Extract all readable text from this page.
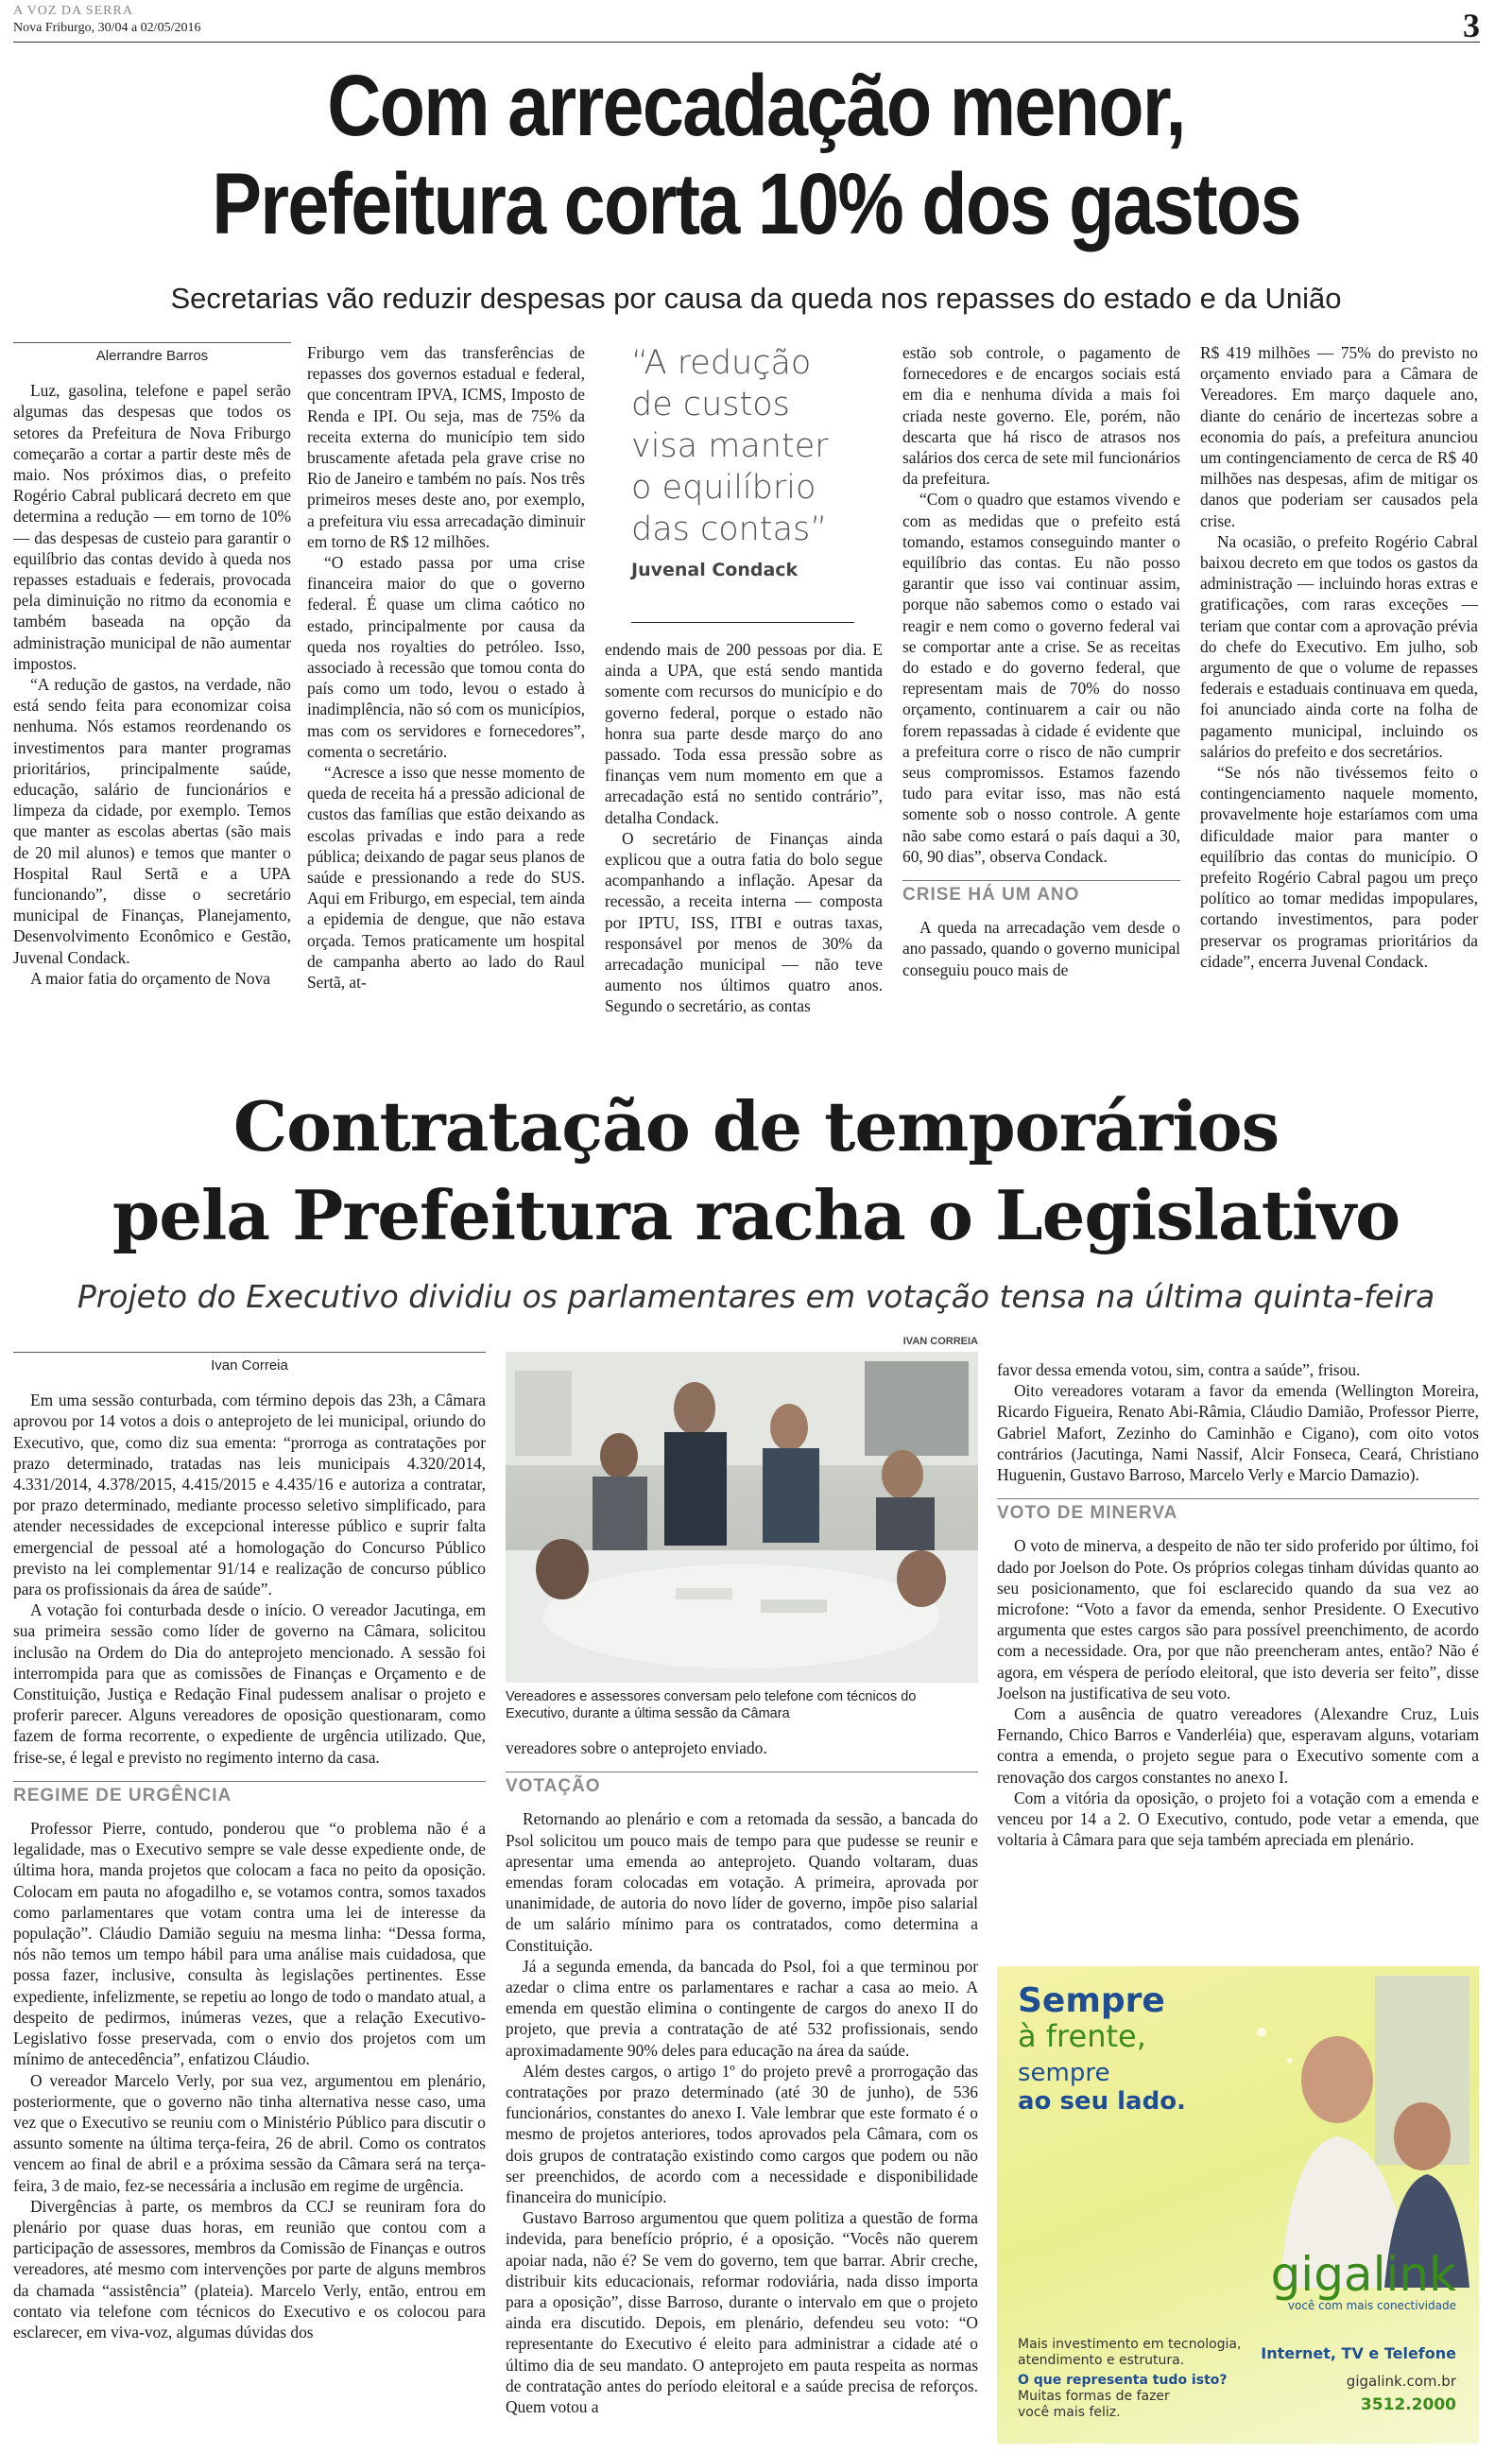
A VOZ DA SERRA
Nova Friburgo, 30/04 a 02/05/2016	3
Com arrecadação menor,
Prefeitura corta 10% dos gastos
Secretarias vão reduzir despesas por causa da queda nos repasses do estado e da União
Alerrandre Barros

Luz, gasolina, telefone e papel serão algumas das despesas que todos os setores da Prefeitura de Nova Friburgo começarão a cortar a partir deste mês de maio. Nos próximos dias, o prefeito Rogério Cabral publicará decreto em que determina a redução — em torno de 10% — das despesas de custeio para garantir o equilíbrio das contas devido à queda nos repasses estaduais e federais, provocada pela diminuição no ritmo da economia e também baseada na opção da administração municipal de não aumentar impostos.

“A redução de gastos, na verdade, não está sendo feita para economizar coisa nenhuma. Nós estamos reordenando os investimentos para manter programas prioritários, principalmente saúde, educação, salário de funcionários e limpeza da cidade, por exemplo. Temos que manter as escolas abertas (são mais de 20 mil alunos) e temos que manter o Hospital Raul Sertã e a UPA funcionando”, disse o secretário municipal de Finanças, Planejamento, Desenvolvimento Econômico e Gestão, Juvenal Condack.

A maior fatia do orçamento de Nova

Friburgo vem das transferências de repasses dos governos estadual e federal, que concentram IPVA, ICMS, Imposto de Renda e IPI. Ou seja, mas de 75% da receita externa do município tem sido bruscamente afetada pela grave crise no Rio de Janeiro e também no país. Nos três primeiros meses deste ano, por exemplo, a prefeitura viu essa arrecadação diminuir em torno de R$ 12 milhões.

“O estado passa por uma crise financeira maior do que o governo federal. É quase um clima caótico no estado, principalmente por causa da queda nos royalties do petróleo. Isso, associado à recessão que tomou conta do país como um todo, levou o estado à inadimplência, não só com os municípios, mas com os servidores e fornecedores”, comenta o secretário.

“Acresce a isso que nesse momento de queda de receita há a pressão adicional de custos das famílias que estão deixando as escolas privadas e indo para a rede pública; deixando de pagar seus planos de saúde e pressionando a rede do SUS. Aqui em Friburgo, em especial, tem ainda a epidemia de dengue, que não estava orçada. Temos praticamente um hospital de campanha aberto ao lado do Raul Sertã, at-

“A redução de custos visa manter o equilíbrio das contas”
Juvenal Condack

endendo mais de 200 pessoas por dia. E ainda a UPA, que está sendo mantida somente com recursos do município e do governo federal, porque o estado não honra sua parte desde março do ano passado. Toda essa pressão sobre as finanças vem num momento em que a arrecadação está no sentido contrário”, detalha Condack.

O secretário de Finanças ainda explicou que a outra fatia do bolo segue acompanhando a inflação. Apesar da recessão, a receita interna — composta por IPTU, ISS, ITBI e outras taxas, responsável por menos de 30% da arrecadação municipal — não teve aumento nos últimos quatro anos. Segundo o secretário, as contas

estão sob controle, o pagamento de fornecedores e de encargos sociais está em dia e nenhuma dívida a mais foi criada neste governo. Ele, porém, não descarta que há risco de atrasos nos salários dos cerca de sete mil funcionários da prefeitura.

“Com o quadro que estamos vivendo e com as medidas que o prefeito está tomando, estamos conseguindo manter o equilíbrio das contas. Eu não posso garantir que isso vai continuar assim, porque não sabemos como o estado vai reagir e nem como o governo federal vai se comportar ante a crise. Se as receitas do estado e do governo federal, que representam mais de 70% do nosso orçamento, continuarem a cair ou não forem repassadas à cidade é evidente que a prefeitura corre o risco de não cumprir seus compromissos. Estamos fazendo tudo para evitar isso, mas não está somente sob o nosso controle. A gente não sabe como estará o país daqui a 30, 60, 90 dias”, observa Condack.

CRISE HÁ UM ANO

A queda na arrecadação vem desde o ano passado, quando o governo municipal conseguiu pouco mais de

R$ 419 milhões — 75% do previsto no orçamento enviado para a Câmara de Vereadores. Em março daquele ano, diante do cenário de incertezas sobre a economia do país, a prefeitura anunciou um contingenciamento de cerca de R$ 40 milhões nas despesas, afim de mitigar os danos que poderiam ser causados pela crise.

Na ocasião, o prefeito Rogério Cabral baixou decreto em que todos os gastos da administração — incluindo horas extras e gratificações, com raras exceções — teriam que contar com a aprovação prévia do chefe do Executivo. Em julho, sob argumento de que o volume de repasses federais e estaduais continuava em queda, foi anunciado ainda corte na folha de pagamento municipal, incluindo os salários do prefeito e dos secretários.

“Se nós não tivéssemos feito o contingenciamento naquele momento, provavelmente hoje estaríamos com uma dificuldade maior para manter o equilíbrio das contas do município. O prefeito Rogério Cabral pagou um preço político ao tomar medidas impopulares, cortando investimentos, para poder preservar os programas prioritários da cidade”, encerra Juvenal Condack.

Contratação de temporários
pela Prefeitura racha o Legislativo
Projeto do Executivo dividiu os parlamentares em votação tensa na última quinta-feira
Ivan Correia

Em uma sessão conturbada, com término depois das 23h, a Câmara aprovou por 14 votos a dois o anteprojeto de lei municipal, oriundo do Executivo, que, como diz sua ementa: “prorroga as contratações por prazo determinado, tratadas nas leis municipais 4.320/2014, 4.331/2014, 4.378/2015, 4.415/2015 e 4.435/16 e autoriza a contratar, por prazo determinado, mediante processo seletivo simplificado, para atender necessidades de excepcional interesse público e suprir falta emergencial de pessoal até a homologação do Concurso Público previsto na lei complementar 91/14 e realização de concurso público para os profissionais da área de saúde”.

A votação foi conturbada desde o início. O vereador Jacutinga, em sua primeira sessão como líder de governo na Câmara, solicitou inclusão na Ordem do Dia do anteprojeto mencionado. A sessão foi interrompida para que as comissões de Finanças e Orçamento e de Constituição, Justiça e Redação Final pudessem analisar o projeto e proferir parecer. Alguns vereadores de oposição questionaram, como fazem de forma recorrente, o expediente de urgência utilizado. Que, frise-se, é legal e previsto no regimento interno da casa.

REGIME DE URGÊNCIA

Professor Pierre, contudo, ponderou que “o problema não é a legalidade, mas o Executivo sempre se vale desse expediente onde, de última hora, manda projetos que colocam a faca no peito da oposição. Colocam em pauta no afogadilho e, se votamos contra, somos taxados como parlamentares que votam contra uma lei de interesse da população”. Cláudio Damião seguiu na mesma linha: “Dessa forma, nós não temos um tempo hábil para uma análise mais cuidadosa, que possa fazer, inclusive, consulta às legislações pertinentes. Esse expediente, infelizmente, se repetiu ao longo de todo o mandato atual, a despeito de pedirmos, inúmeras vezes, que a relação Executivo-Legislativo fosse preservada, com o envio dos projetos com um mínimo de antecedência”, enfatizou Cláudio.

O vereador Marcelo Verly, por sua vez, argumentou em plenário, posteriormente, que o governo não tinha alternativa nesse caso, uma vez que o Executivo se reuniu com o Ministério Público para discutir o assunto somente na última terça-feira, 26 de abril. Como os contratos vencem ao final de abril e a próxima sessão da Câmara será na terça-feira, 3 de maio, fez-se necessária a inclusão em regime de urgência.

Divergências à parte, os membros da CCJ se reuniram fora do plenário por quase duas horas, em reunião que contou com a participação de assessores, membros da Comissão de Finanças e outros vereadores, até mesmo com intervenções por parte de alguns membros da chamada “assistência” (plateia). Marcelo Verly, então, entrou em contato via telefone com técnicos do Executivo e os colocou para esclarecer, em viva-voz, algumas dúvidas dos

IVAN CORREIA
Vereadores e assessores conversam pelo telefone com técnicos do Executivo, durante a última sessão da Câmara

vereadores sobre o anteprojeto enviado.

VOTAÇÃO

Retornando ao plenário e com a retomada da sessão, a bancada do Psol solicitou um pouco mais de tempo para que pudesse se reunir e apresentar uma emenda ao anteprojeto. Quando voltaram, duas emendas foram colocadas em votação. A primeira, aprovada por unanimidade, de autoria do novo líder de governo, impõe piso salarial de um salário mínimo para os contratados, como determina a Constituição.

Já a segunda emenda, da bancada do Psol, foi a que terminou por azedar o clima entre os parlamentares e rachar a casa ao meio. A emenda em questão elimina o contingente de cargos do anexo II do projeto, que previa a contratação de até 532 profissionais, sendo aproximadamente 90% deles para educação na área da saúde.

Além destes cargos, o artigo 1º do projeto prevê a prorrogação das contratações por prazo determinado (até 30 de junho), de 536 funcionários, constantes do anexo I. Vale lembrar que este formato é o mesmo de projetos anteriores, todos aprovados pela Câmara, com os dois grupos de contratação existindo como cargos que podem ou não ser preenchidos, de acordo com a necessidade e disponibilidade financeira do município.

Gustavo Barroso argumentou que quem politiza a questão de forma indevida, para benefício próprio, é a oposição. “Vocês não querem apoiar nada, não é? Se vem do governo, tem que barrar. Abrir creche, distribuir kits educacionais, reformar rodoviária, nada disso importa para a oposição”, disse Barroso, durante o intervalo em que o projeto ainda era discutido. Depois, em plenário, defendeu seu voto: “O representante do Executivo é eleito para administrar a cidade até o último dia de seu mandato. O anteprojeto em pauta respeita as normas de contratação antes do período eleitoral e a saúde precisa de reforços. Quem votou a

favor dessa emenda votou, sim, contra a saúde”, frisou.

Oito vereadores votaram a favor da emenda (Wellington Moreira, Ricardo Figueira, Renato Abi-Râmia, Cláudio Damião, Professor Pierre, Gabriel Mafort, Zezinho do Caminhão e Cigano), com oito votos contrários (Jacutinga, Nami Nassif, Alcir Fonseca, Ceará, Christiano Huguenin, Gustavo Barroso, Marcelo Verly e Marcio Damazio).

VOTO DE MINERVA

O voto de minerva, a despeito de não ter sido proferido por último, foi dado por Joelson do Pote. Os próprios colegas tinham dúvidas quanto ao seu posicionamento, que foi esclarecido quando da sua vez ao microfone: “Voto a favor da emenda, senhor Presidente. O Executivo argumenta que estes cargos são para possível preenchimento, de acordo com a necessidade. Ora, por que não preencheram antes, então? Não é agora, em véspera de período eleitoral, que isto deveria ser feito”, disse Joelson na justificativa de seu voto.

Com a ausência de quatro vereadores (Alexandre Cruz, Luis Fernando, Chico Barros e Vanderléia) que, esperavam alguns, votariam contra a emenda, o projeto segue para o Executivo somente com a renovação dos cargos constantes no anexo I.

Com a vitória da oposição, o projeto foi a votação com a emenda e venceu por 14 a 2. O Executivo, contudo, pode vetar a emenda, que voltaria à Câmara para que seja também apreciada em plenário.

Sempre
à frente,
sempre
ao seu lado.
gigalink
você com mais conectividade
Mais investimento em tecnologia,
atendimento e estrutura.
O que representa tudo isto?
Muitas formas de fazer
você mais feliz.
Internet, TV e Telefone
gigalink.com.br
3512.2000
